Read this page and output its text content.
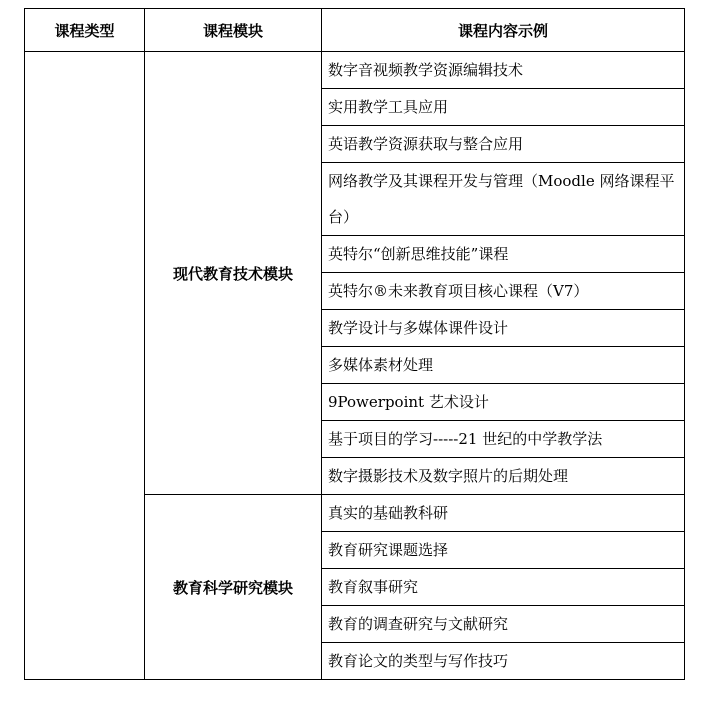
课程类型	课程模块	课程内容示例
	现代教育技术模块	数字音视频教学资源编辑技术
		实用教学工具应用
		英语教学资源获取与整合应用
		网络教学及其课程开发与管理（Moodle 网络课程平台）
		英特尔“创新思维技能”课程
		英特尔®未来教育项目核心课程（V7）
		教学设计与多媒体课件设计
		多媒体素材处理
		9Powerpoint 艺术设计
		基于项目的学习-----21 世纪的中学教学法
		数字摄影技术及数字照片的后期处理
	教育科学研究模块	真实的基础教科研
		教育研究课题选择
		教育叙事研究
		教育的调查研究与文献研究
		教育论文的类型与写作技巧
